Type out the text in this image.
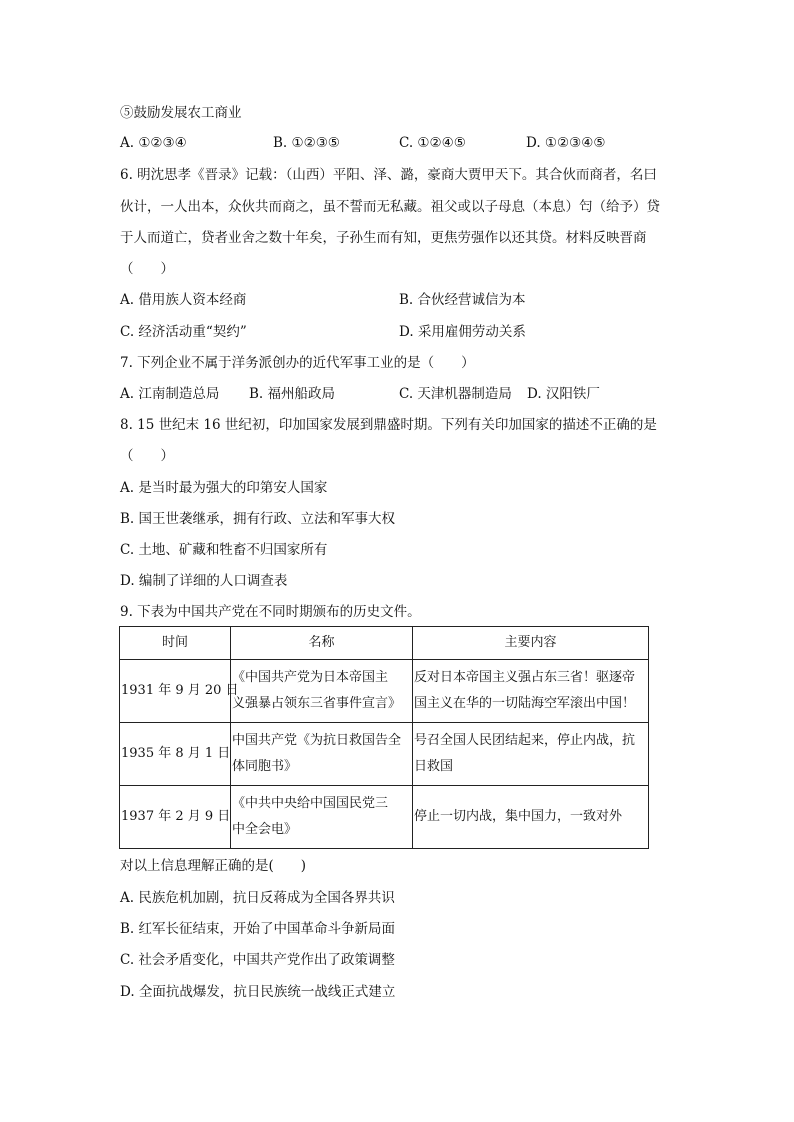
⑤鼓励发展农工商业
A. ①②③④	B. ①②③⑤	C. ①②④⑤	D. ①②③④⑤
6. 明沈思孝《晋录》记载：（山西）平阳、泽、潞，豪商大贾甲天下。其合伙而商者，名曰
伙计，一人出本，众伙共而商之，虽不誓而无私藏。祖父或以子母息（本息）匄（给予）贷
于人而道亡，贷者业舍之数十年矣，子孙生而有知，更焦劳强作以还其贷。材料反映晋商
（　　）
A. 借用族人资本经商	B. 合伙经营诚信为本
C. 经济活动重“契约”	D. 采用雇佣劳动关系
7. 下列企业不属于洋务派创办的近代军事工业的是（　　）
A. 江南制造总局 B. 福州船政局	C. 天津机器制造局 D. 汉阳铁厂
8. 15 世纪末 16 世纪初，印加国家发展到鼎盛时期。下列有关印加国家的描述不正确的是
（　　）
A. 是当时最为强大的印第安人国家
B. 国王世袭继承，拥有行政、立法和军事大权
C. 土地、矿藏和牲畜不归国家所有
D. 编制了详细的人口调查表
9. 下表为中国共产党在不同时期颁布的历史文件。
时间	名称	主要内容
1931 年 9 月 20 日	《中国共产党为日本帝国主
义强暴占领东三省事件宣言》	反对日本帝国主义强占东三省！驱逐帝
国主义在华的一切陆海空军滚出中国！

1935 年 8 月 1 日	中国共产党《为抗日救国告全
体同胞书》	号召全国人民团结起来，停止内战，抗
日救国

1937 年 2 月 9 日	《中共中央给中国国民党三
中全会电》	停止一切内战，集中国力，一致对外
对以上信息理解正确的是(　　)
A. 民族危机加剧，抗日反蒋成为全国各界共识
B. 红军长征结束，开始了中国革命斗争新局面
C. 社会矛盾变化，中国共产党作出了政策调整
D. 全面抗战爆发，抗日民族统一战线正式建立
